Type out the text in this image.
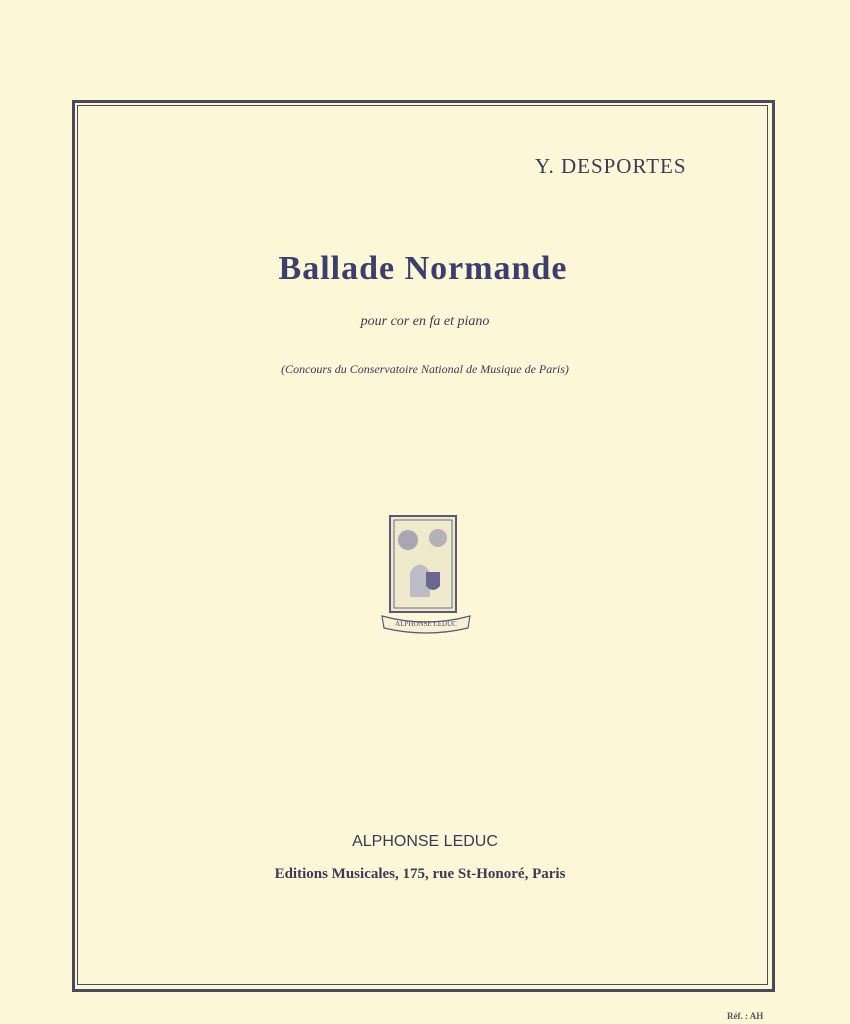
Y. DESPORTES
Ballade Normande
pour cor en fa et piano
(Concours du Conservatoire National de Musique de Paris)
ALPHONSE LEDUC
ALPHONSE LEDUC
Editions Musicales, 175, rue St-Honoré, Paris
Réf. : AH
